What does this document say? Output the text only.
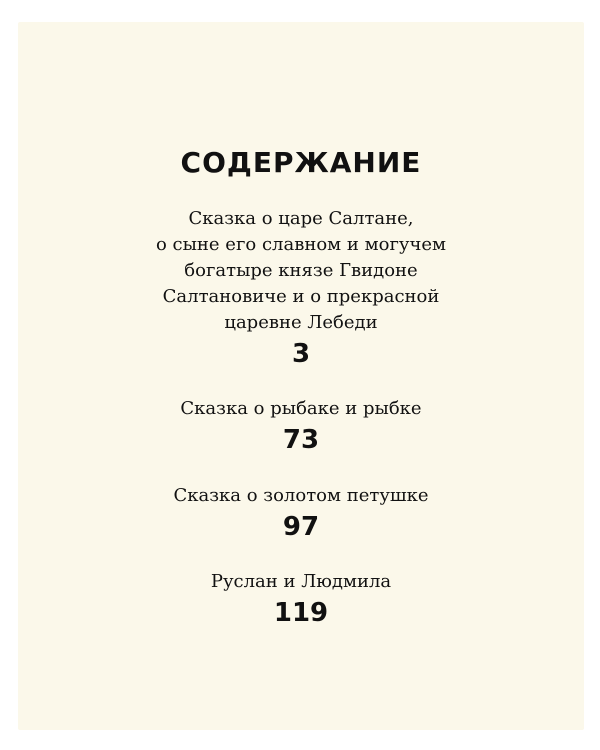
СОДЕРЖАНИЕ

Сказка о царе Салтане,
о сыне его славном и могучем
богатыре князе Гвидоне
Салтановиче и о прекрасной
царевне Лебеди

3

Сказка о рыбаке и рыбке

73

Сказка о золотом петушке

97

Руслан и Людмила

119
